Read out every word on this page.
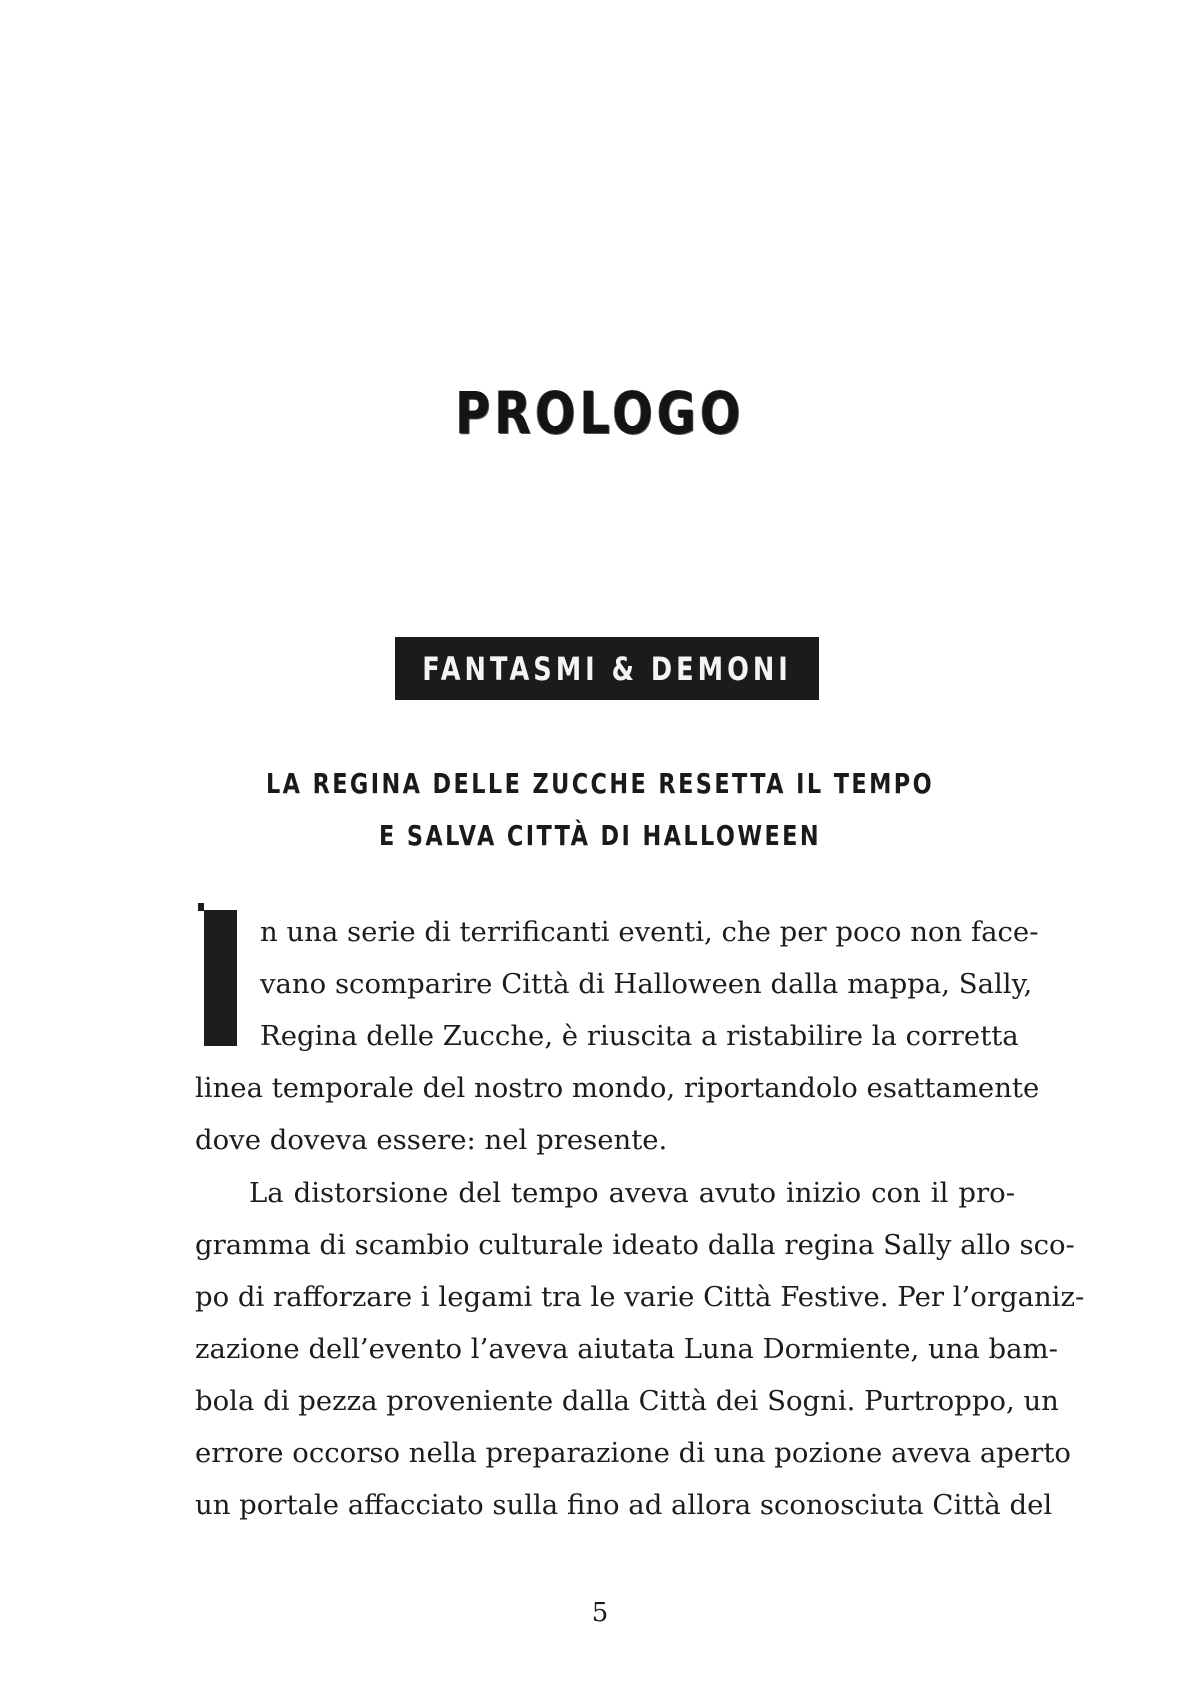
PROLOGO
FANTASMI & DEMONI
LA REGINA DELLE ZUCCHE RESETTA IL TEMPO
E SALVA CITTÀ DI HALLOWEEN
n una serie di terrificanti eventi, che per poco non face-
vano scomparire Città di Halloween dalla mappa, Sally,
Regina delle Zucche, è riuscita a ristabilire la corretta
linea temporale del nostro mondo, riportandolo esattamente
dove doveva essere: nel presente.
La distorsione del tempo aveva avuto inizio con il pro-
gramma di scambio culturale ideato dalla regina Sally allo sco-
po di rafforzare i legami tra le varie Città Festive. Per l’organiz-
zazione dell’evento l’aveva aiutata Luna Dormiente, una bam-
bola di pezza proveniente dalla Città dei Sogni. Purtroppo, un
errore occorso nella preparazione di una pozione aveva aperto
un portale affacciato sulla fino ad allora sconosciuta Città del
5
